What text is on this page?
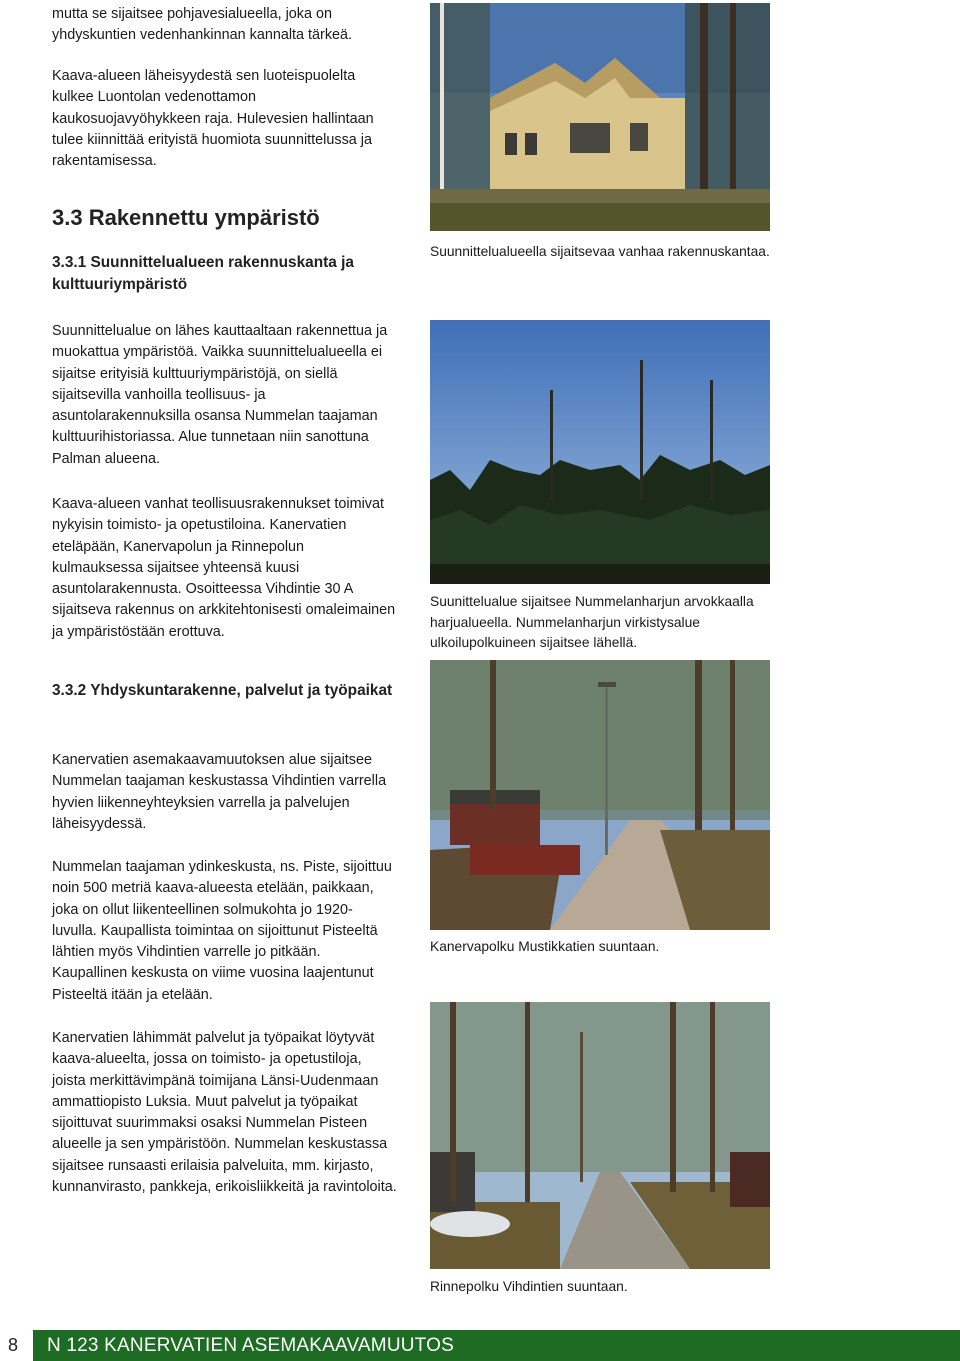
mutta se sijaitsee pohjavesialueella, joka on yhdyskuntien vedenhankinnan kannalta tärkeä.

Kaava-alueen läheisyydestä sen luoteispuolelta kulkee Luontolan vedenottamon kaukosuojavyöhykkeen raja. Hulevesien hallintaan tulee kiinnittää erityistä huomiota suunnittelussa ja rakentamisessa.

3.3 Rakennettu ympäristö
3.3.1 Suunnittelualueen rakennuskanta ja kulttuuriympäristö

Suunnittelualue on lähes kauttaaltaan rakennettua ja muokattua ympäristöä. Vaikka suunnittelualueella ei sijaitse erityisiä kulttuuriympäristöjä, on siellä sijaitsevilla vanhoilla teollisuus- ja asuntolarakennuksilla osansa Nummelan taajaman kulttuurihistoriassa. Alue tunnetaan niin sanottuna Palman alueena.

Kaava-alueen vanhat teollisuusrakennukset toimivat nykyisin toimisto- ja opetustiloina. Kanervatien eteläpään, Kanervapolun ja Rinnepolun kulmauksessa sijaitsee yhteensä kuusi asuntolarakennusta. Osoitteessa Vihdintie 30 A sijaitseva rakennus on arkkitehtonisesti omaleimainen ja ympäristöstään erottuva.

3.3.2 Yhdyskuntarakenne, palvelut ja työpaikat

Kanervatien asemakaavamuutoksen alue sijaitsee Nummelan taajaman keskustassa Vihdintien varrella hyvien liikenneyhteyksien varrella ja palvelujen läheisyydessä.

Nummelan taajaman ydinkeskusta, ns. Piste, sijoittuu noin 500 metriä kaava-alueesta etelään, paikkaan, joka on ollut liikenteellinen solmukohta jo 1920-luvulla. Kaupallista toimintaa on sijoittunut Pisteeltä lähtien myös Vihdintien varrelle jo pitkään. Kaupallinen keskusta on viime vuosina laajentunut Pisteeltä itään ja etelään.

Kanervatien lähimmät palvelut ja työpaikat löytyvät kaava-alueelta, jossa on toimisto- ja opetustiloja, joista merkittävimpänä toimijana Länsi-Uudenmaan ammattiopisto Luksia. Muut palvelut ja työpaikat sijoittuvat suurimmaksi osaksi Nummelan Pisteen alueelle ja sen ympäristöön. Nummelan keskustassa sijaitsee runsaasti erilaisia palveluita, mm. kirjasto, kunnanvirasto, pankkeja, erikoisliikkeitä ja ravintoloita.

Suunnittelualueella sijaitsevaa vanhaa rakennuskantaa.

Suunittelualue sijaitsee Nummelanharjun arvokkaalla harjualueella. Nummelanharjun virkistysalue ulkoilupolkuineen sijaitsee lähellä.

Kanervapolku Mustikkatien suuntaan.

Rinnepolku Vihdintien suuntaan.

8	N 123 KANERVATIEN ASEMAKAAVAMUUTOS
